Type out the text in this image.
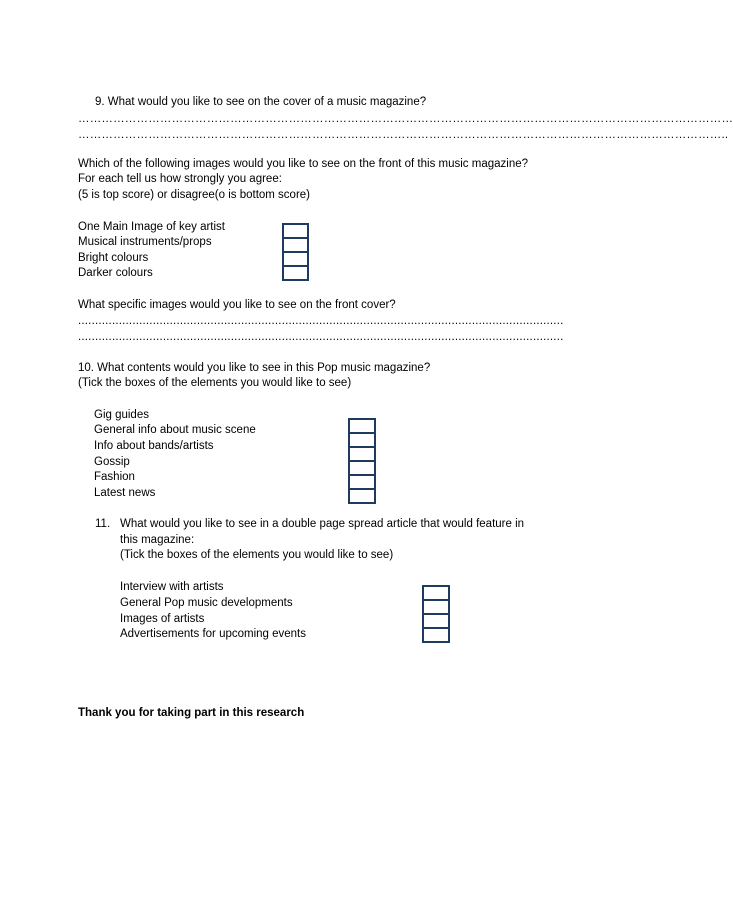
9. What would you like to see on the cover of a music magazine?
……………………………………………………………………………………………………………………………………………………
…………………………………………………………………………………………………………………………………………………..
Which of the following images would you like to see on the front of this music magazine?
For each tell us how strongly you agree:
(5 is top score) or disagree(o is bottom score)
One Main Image of key artist
Musical instruments/props
Bright colours
Darker colours
What specific images would you like to see on the front cover?
...............................................................................................................................................
...............................................................................................................................................
10. What contents would you like to see in this Pop music magazine?
(Tick the boxes of the elements you would like to see)
Gig guides
General info about music scene
Info about bands/artists
Gossip
Fashion
Latest news
11. What would you like to see in a double page spread article that would feature in
this magazine:
(Tick the boxes of the elements you would like to see)
Interview with artists
General Pop music developments
Images of artists
Advertisements for upcoming events
Thank you for taking part in this research
